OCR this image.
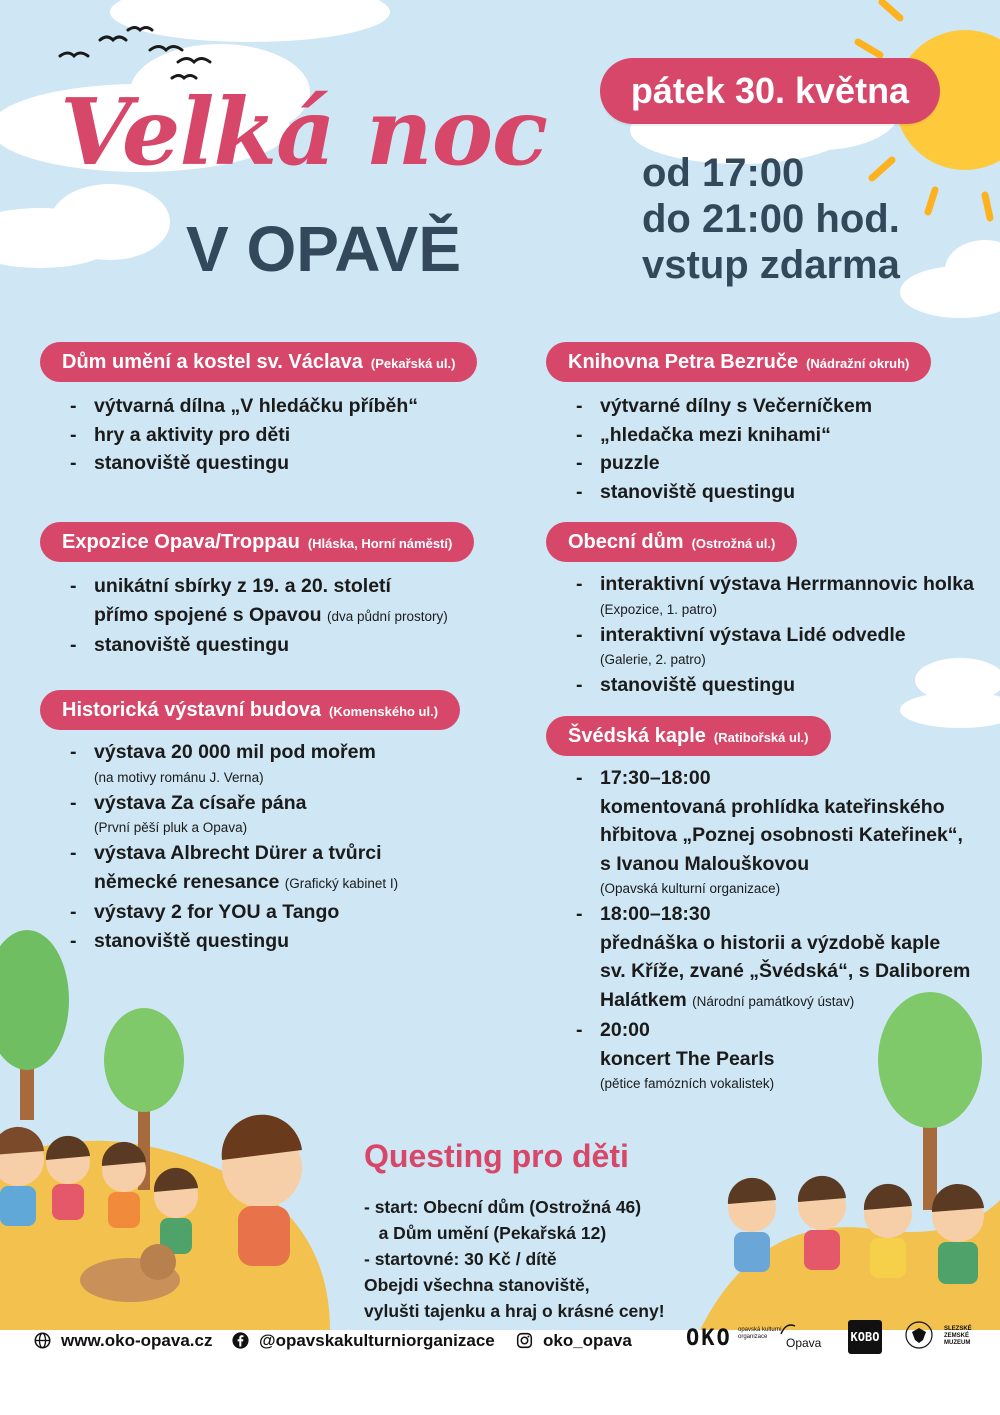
Velká noc
V OPAVĚ
pátek 30. května
od 17:00
do 21:00 hod.
vstup zdarma
Dům umění a kostel sv. Václava (Pekařská ul.)
- výtvarná dílna „V hledáčku příběh“
- hry a aktivity pro děti
- stanoviště questingu
Expozice Opava/Troppau (Hláska, Horní náměstí)
- unikátní sbírky z 19. a 20. století
přímo spojené s Opavou (dva půdní prostory)
- stanoviště questingu
Historická výstavní budova (Komenského ul.)
- výstava 20 000 mil pod mořem
(na motivy románu J. Verna)
- výstava Za císaře pána
(První pěší pluk a Opava)
- výstava Albrecht Dürer a tvůrci
německé renesance (Grafický kabinet I)
- výstavy 2 for YOU a Tango
- stanoviště questingu
Knihovna Petra Bezruče (Nádražní okruh)
- výtvarné dílny s Večerníčkem
- „hledačka mezi knihami“
- puzzle
- stanoviště questingu
Obecní dům (Ostrožná ul.)
- interaktivní výstava Herrmannovic holka
(Expozice, 1. patro)
- interaktivní výstava Lidé odvedle
(Galerie, 2. patro)
- stanoviště questingu
Švédská kaple (Ratibořská ul.)
- 17:30–18:00
komentovaná prohlídka kateřinského
hřbitova „Poznej osobnosti Kateřinek“,
s Ivanou Malouškovou
(Opavská kulturní organizace)
- 18:00–18:30
přednáška o historii a výzdobě kaple
sv. Kříže, zvané „Švédská“, s Daliborem
Halátkem (Národní památkový ústav)
- 20:00
koncert The Pearls
(pětice famózních vokalistek)
Questing pro děti
- start: Obecní dům (Ostrožná 46)
a Dům umění (Pekařská 12)
- startovné: 30 Kč / dítě
Obejdi všechna stanoviště,
vylušti tajenku a hraj o krásné ceny!
www.oko-opava.cz	@opavskakulturniorganizace	oko_opava OKO opavská kulturní organizace	Opava KOBO
SLEZSKÉ ZEMSKÉ MUZEUM
